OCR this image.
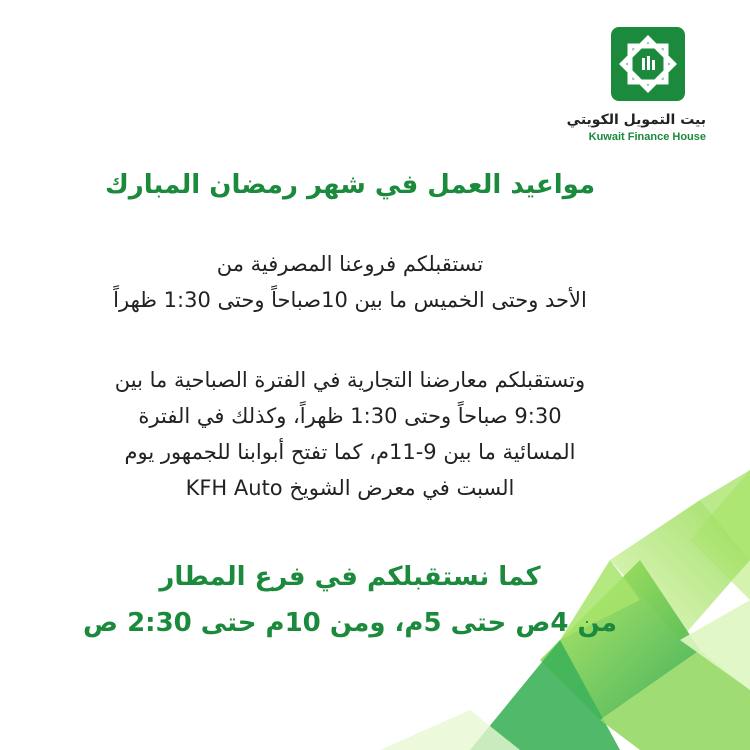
بيت التمويل الكويتي
Kuwait Finance House
مواعيد العمل في شهر رمضان المبارك
تستقبلكم فروعنا المصرفية من
الأحد وحتى الخميس ما بين 10صباحاً وحتى 1:30 ظهراً
وتستقبلكم معارضنا التجارية في الفترة الصباحية ما بين
9:30 صباحاً وحتى 1:30 ظهراً، وكذلك في الفترة
المسائية ما بين 9-11م، كما تفتح أبوابنا للجمهور يوم
السبت في معرض الشويخ KFH Auto
كما نستقبلكم في فرع المطار
من 4ص حتى 5م، ومن 10م حتى 2:30 ص
